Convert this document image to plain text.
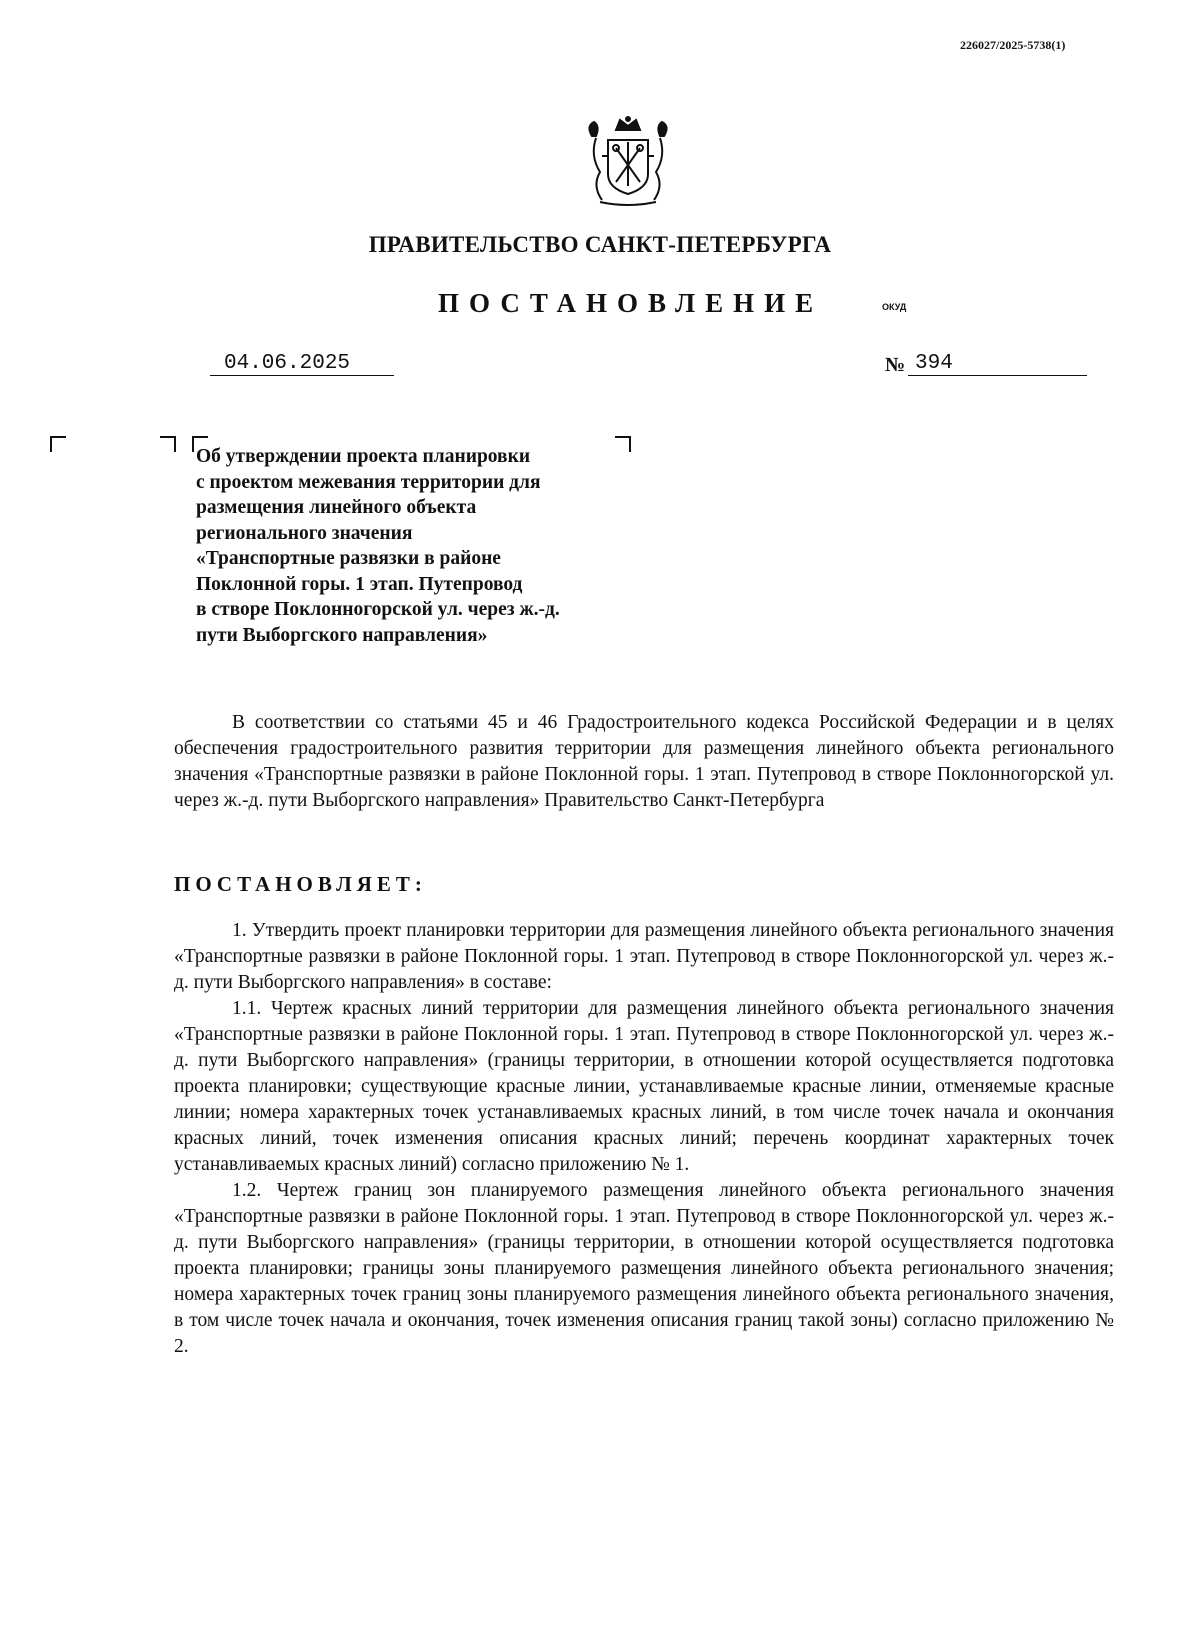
226027/2025-5738(1)
ПРАВИТЕЛЬСТВО САНКТ-ПЕТЕРБУРГА
ПОСТАНОВЛЕНИЕ	ОКУД
04.06.2025	№ 394
Об утверждении проекта планировки
с проектом межевания территории для
размещения линейного объекта
регионального значения
«Транспортные развязки в районе
Поклонной горы. 1 этап. Путепровод
в створе Поклонногорской ул. через ж.-д.
пути Выборгского направления»

В соответствии со статьями 45 и 46 Градостроительного кодекса Российской Федерации и в целях обеспечения градостроительного развития территории для размещения линейного объекта регионального значения «Транспортные развязки в районе Поклонной горы. 1 этап. Путепровод в створе Поклонногорской ул. через ж.-д. пути Выборгского направления» Правительство Санкт-Петербурга

ПОСТАНОВЛЯЕТ:

1. Утвердить проект планировки территории для размещения линейного объекта регионального значения «Транспортные развязки в районе Поклонной горы. 1 этап. Путепровод в створе Поклонногорской ул. через ж.-д. пути Выборгского направления» в составе:

1.1. Чертеж красных линий территории для размещения линейного объекта регионального значения «Транспортные развязки в районе Поклонной горы. 1 этап. Путепровод в створе Поклонногорской ул. через ж.-д. пути Выборгского направления» (границы территории, в отношении которой осуществляется подготовка проекта планировки; существующие красные линии, устанавливаемые красные линии, отменяемые красные линии; номера характерных точек устанавливаемых красных линий, в том числе точек начала и окончания красных линий, точек изменения описания красных линий; перечень координат характерных точек устанавливаемых красных линий) согласно приложению № 1.

1.2. Чертеж границ зон планируемого размещения линейного объекта регионального значения «Транспортные развязки в районе Поклонной горы. 1 этап. Путепровод в створе Поклонногорской ул. через ж.-д. пути Выборгского направления» (границы территории, в отношении которой осуществляется подготовка проекта планировки; границы зоны планируемого размещения линейного объекта регионального значения; номера характерных точек границ зоны планируемого размещения линейного объекта регионального значения, в том числе точек начала и окончания, точек изменения описания границ такой зоны) согласно приложению № 2.
